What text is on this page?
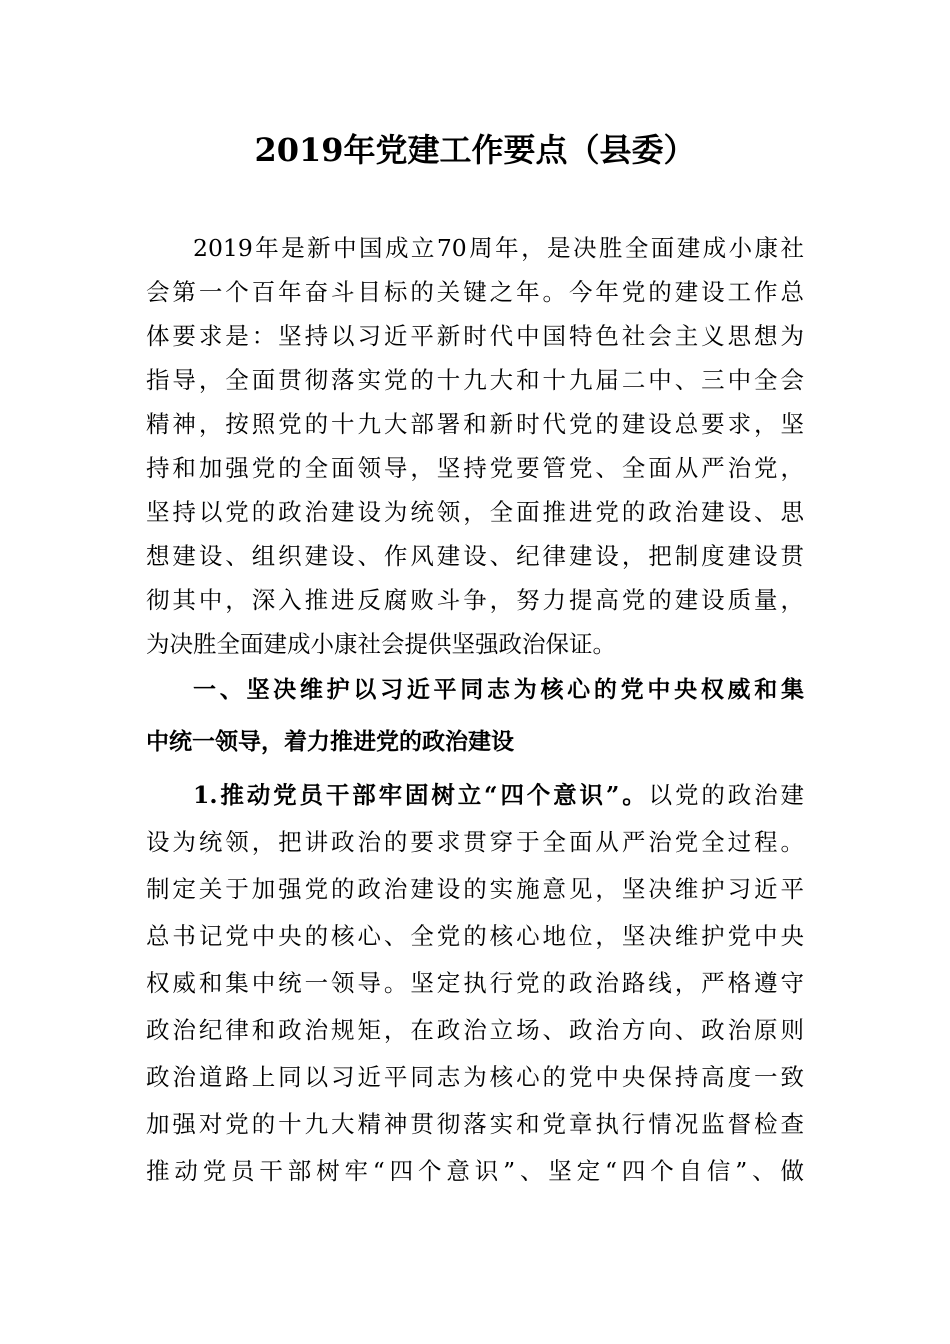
2019年党建工作要点（县委）
2019年是新中国成立70周年，是决胜全面建成小康社
会第一个百年奋斗目标的关键之年。今年党的建设工作总
体要求是：坚持以习近平新时代中国特色社会主义思想为
指导，全面贯彻落实党的十九大和十九届二中、三中全会
精神，按照党的十九大部署和新时代党的建设总要求，坚
持和加强党的全面领导，坚持党要管党、全面从严治党，
坚持以党的政治建设为统领，全面推进党的政治建设、思
想建设、组织建设、作风建设、纪律建设，把制度建设贯
彻其中，深入推进反腐败斗争，努力提高党的建设质量，
为决胜全面建成小康社会提供坚强政治保证。
一、坚决维护以习近平同志为核心的党中央权威和集
中统一领导，着力推进党的政治建设
1.推动党员干部牢固树立“四个意识”。以党的政治建
设为统领，把讲政治的要求贯穿于全面从严治党全过程。
制定关于加强党的政治建设的实施意见，坚决维护习近平
总书记党中央的核心、全党的核心地位，坚决维护党中央
权威和集中统一领导。坚定执行党的政治路线，严格遵守
政治纪律和政治规矩，在政治立场、政治方向、政治原则
政治道路上同以习近平同志为核心的党中央保持高度一致
加强对党的十九大精神贯彻落实和党章执行情况监督检查
推动党员干部树牢“四个意识”、坚定“四个自信”、做
